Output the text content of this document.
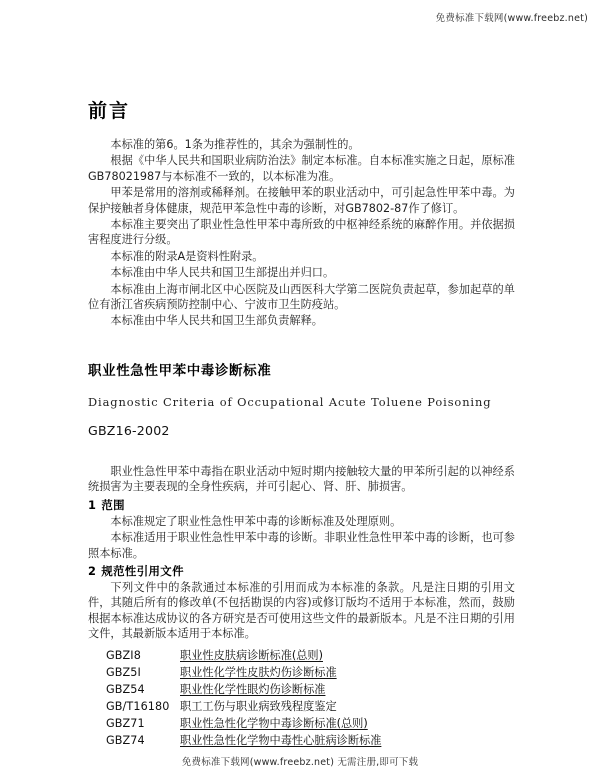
免费标准下载网(www.freebz.net)
前言

本标准的第6。1条为推荐性的，其余为强制性的。

根据《中华人民共和国职业病防治法》制定本标准。自本标准实施之日起，原标准GB78021987与本标准不一致的，以本标准为准。

甲苯是常用的溶剂或稀释剂。在接触甲苯的职业活动中，可引起急性甲苯中毒。为保护接触者身体健康，规范甲苯急性中毒的诊断，对GB7802-87作了修订。

本标准主要突出了职业性急性甲苯中毒所致的中枢神经系统的麻醉作用。并依据损害程度进行分级。

本标准的附录A是资料性附录。

本标准由中华人民共和国卫生部提出并归口。

本标准由上海市闸北区中心医院及山西医科大学第二医院负责起草，参加起草的单位有浙江省疾病预防控制中心、宁波市卫生防疫站。

本标准由中华人民共和国卫生部负责解释。

职业性急性甲苯中毒诊断标准
Diagnostic Criteria of Occupational Acute Toluene Poisoning
GBZ16-2002

职业性急性甲苯中毒指在职业活动中短时期内接触较大量的甲苯所引起的以神经系统损害为主要表现的全身性疾病，并可引起心、肾、肝、肺损害。

1 范围

本标准规定了职业性急性甲苯中毒的诊断标准及处理原则。

本标准适用于职业性急性甲苯中毒的诊断。非职业性急性甲苯中毒的诊断，也可参照本标准。

2 规范性引用文件

下列文件中的条款通过本标准的引用而成为本标准的条款。凡是注日期的引用文件，其随后所有的修改单(不包括勘误的内容)或修订版均不适用于本标准，然而，鼓励根据本标准达成协议的各方研究是否可使用这些文件的最新版本。凡是不注日期的引用文件，其最新版本适用于本标准。

GBZI8	职业性皮肤病诊断标准(总则)
GBZ5I	职业性化学性皮肤灼伤诊断标准
GBZ54	职业性化学性眼灼伤诊断标准
GB/T16180 职工工伤与职业病致残程度鉴定
GBZ71	职业性急性化学物中毒诊断标准(总则)
GBZ74	职业性急性化学物中毒性心脏病诊断标准
免费标准下载网(www.freebz.net) 无需注册,即可下载
